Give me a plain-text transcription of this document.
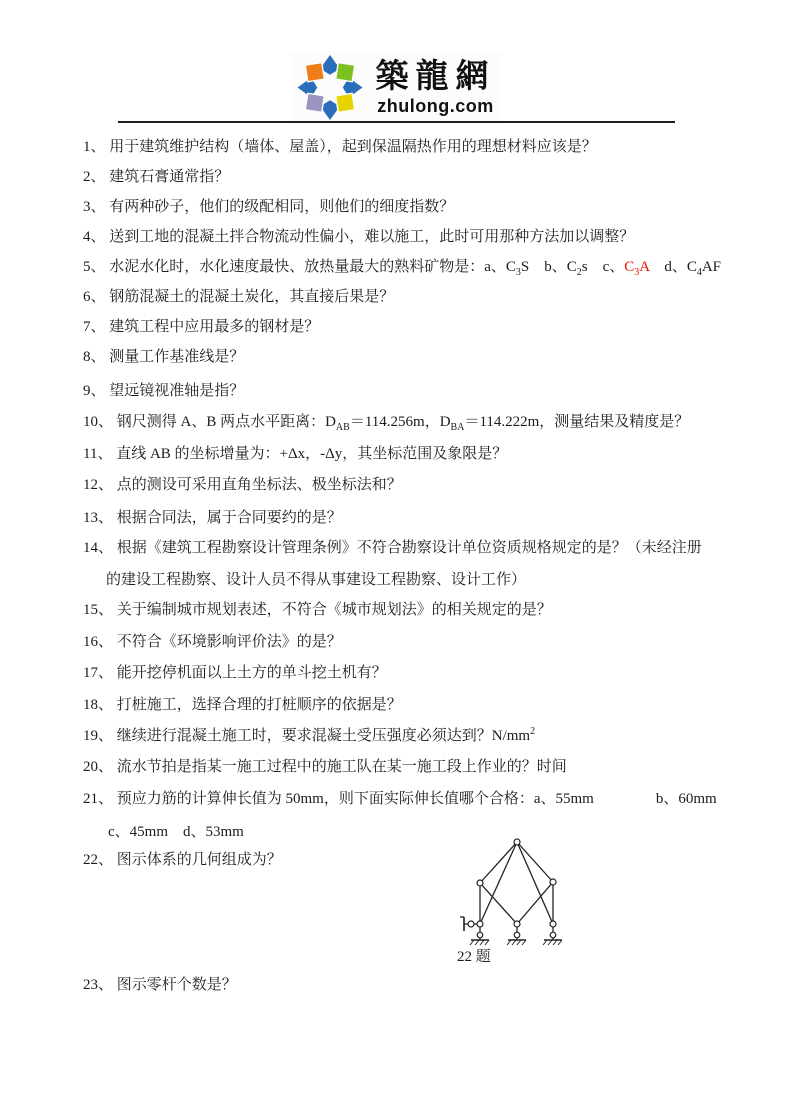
築龍網
zhulong.com
1、 用于建筑维护结构（墙体、屋盖），起到保温隔热作用的理想材料应该是？
2、 建筑石膏通常指？
3、 有两种砂子，他们的级配相同，则他们的细度指数？
4、 送到工地的混凝土拌合物流动性偏小，难以施工，此时可用那种方法加以调整？
5、 水泥水化时，水化速度最快、放热量最大的熟料矿物是：a、$C_3S$　b、$C_2s$　c、$C_3A$　d、$C_4AF$
6、 钢筋混凝土的混凝土炭化，其直接后果是？
7、 建筑工程中应用最多的钢材是？
8、 测量工作基准线是？
9、 望远镜视准轴是指？
10、 钢尺测得 A、B 两点水平距离：$D_{AB}=114.256m$，$D_{BA}=114.222m$，测量结果及精度是？
11、 直线 AB 的坐标增量为：+Δx，-Δy，其坐标范围及象限是？
12、 点的测设可采用直角坐标法、极坐标法和？
13、 根据合同法，属于合同要约的是？
14、 根据《建筑工程勘察设计管理条例》不符合勘察设计单位资质规格规定的是？（未经注册
的建设工程勘察、设计人员不得从事建设工程勘察、设计工作）
15、 关于编制城市规划表述，不符合《城市规划法》的相关规定的是？
16、 不符合《环境影响评价法》的是？
17、 能开挖停机面以上土方的单斗挖土机有？
18、 打桩施工，选择合理的打桩顺序的依据是？
19、 继续进行混凝土施工时，要求混凝土受压强度必须达到？$N/mm^2$
20、 流水节拍是指某一施工过程中的施工队在某一施工段上作业的？时间
21、 预应力筋的计算伸长值为 50mm，则下面实际伸长值哪个合格：a、55mm	b、60mm
c、45mm　d、53mm
22、 图示体系的几何组成为？
23、 图示零杆个数是？
22 题
